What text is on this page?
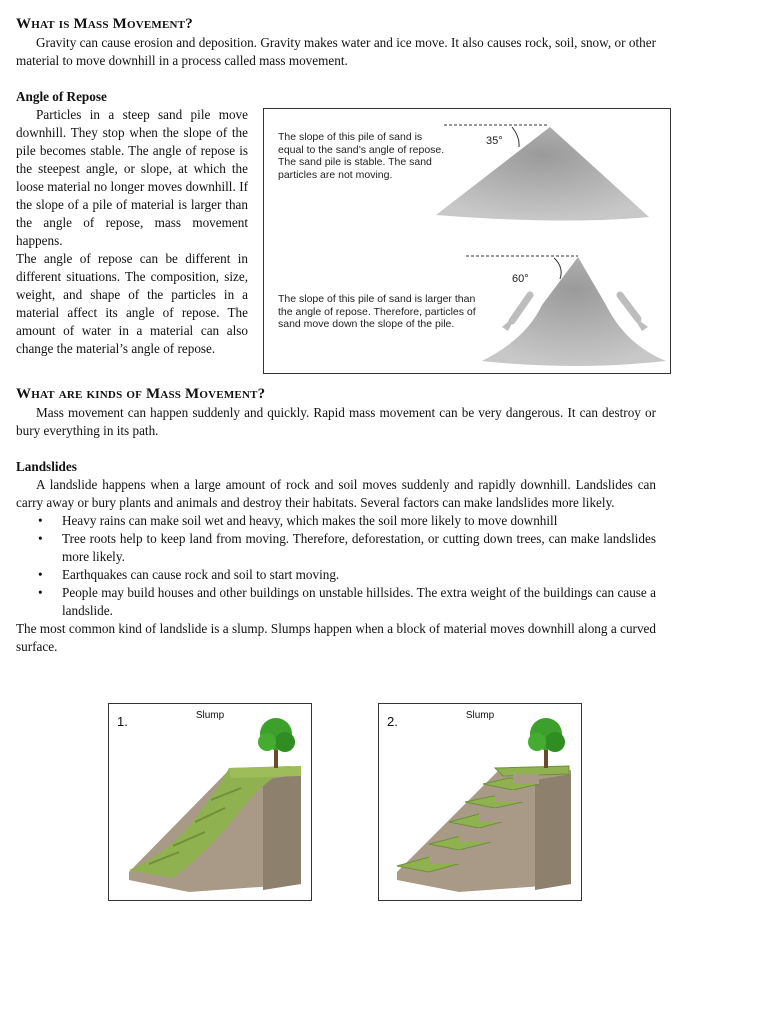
What is Mass Movement?

Gravity can cause erosion and deposition. Gravity makes water and ice move. It also causes rock, soil, snow, or other material to move downhill in a process called mass movement.

Angle of Repose

Particles in a steep sand pile move downhill. They stop when the slope of the pile becomes stable. The angle of repose is the steepest angle, or slope, at which the loose material no longer moves downhill. If the slope of a pile of material is larger than the angle of repose, mass movement happens.

The angle of repose can be different in different situations. The composition, size, weight, and shape of the particles in a material affect its angle of repose. The amount of water in a material can also change the material’s angle of repose.

The slope of this pile of sand is equal to the sand’s angle of repose. The sand pile is stable. The sand particles are not moving.
35°
60°
The slope of this pile of sand is larger than the angle of repose. Therefore, particles of sand move down the slope of the pile.
What are kinds of Mass Movement?

Mass movement can happen suddenly and quickly. Rapid mass movement can be very dangerous. It can destroy or bury everything in its path.

Landslides

A landslide happens when a large amount of rock and soil moves suddenly and rapidly downhill. Landslides can carry away or bury plants and animals and destroy their habitats. Several factors can make landslides more likely.

• Heavy rains can make soil wet and heavy, which makes the soil more likely to move downhill
• Tree roots help to keep land from moving. Therefore, deforestation, or cutting down trees, can make landslides more likely.
• Earthquakes can cause rock and soil to start moving.
• People may build houses and other buildings on unstable hillsides. The extra weight of the buildings can cause a landslide.

The most common kind of landslide is a slump. Slumps happen when a block of material moves downhill along a curved surface.

1.	Slump	2.	Slump
